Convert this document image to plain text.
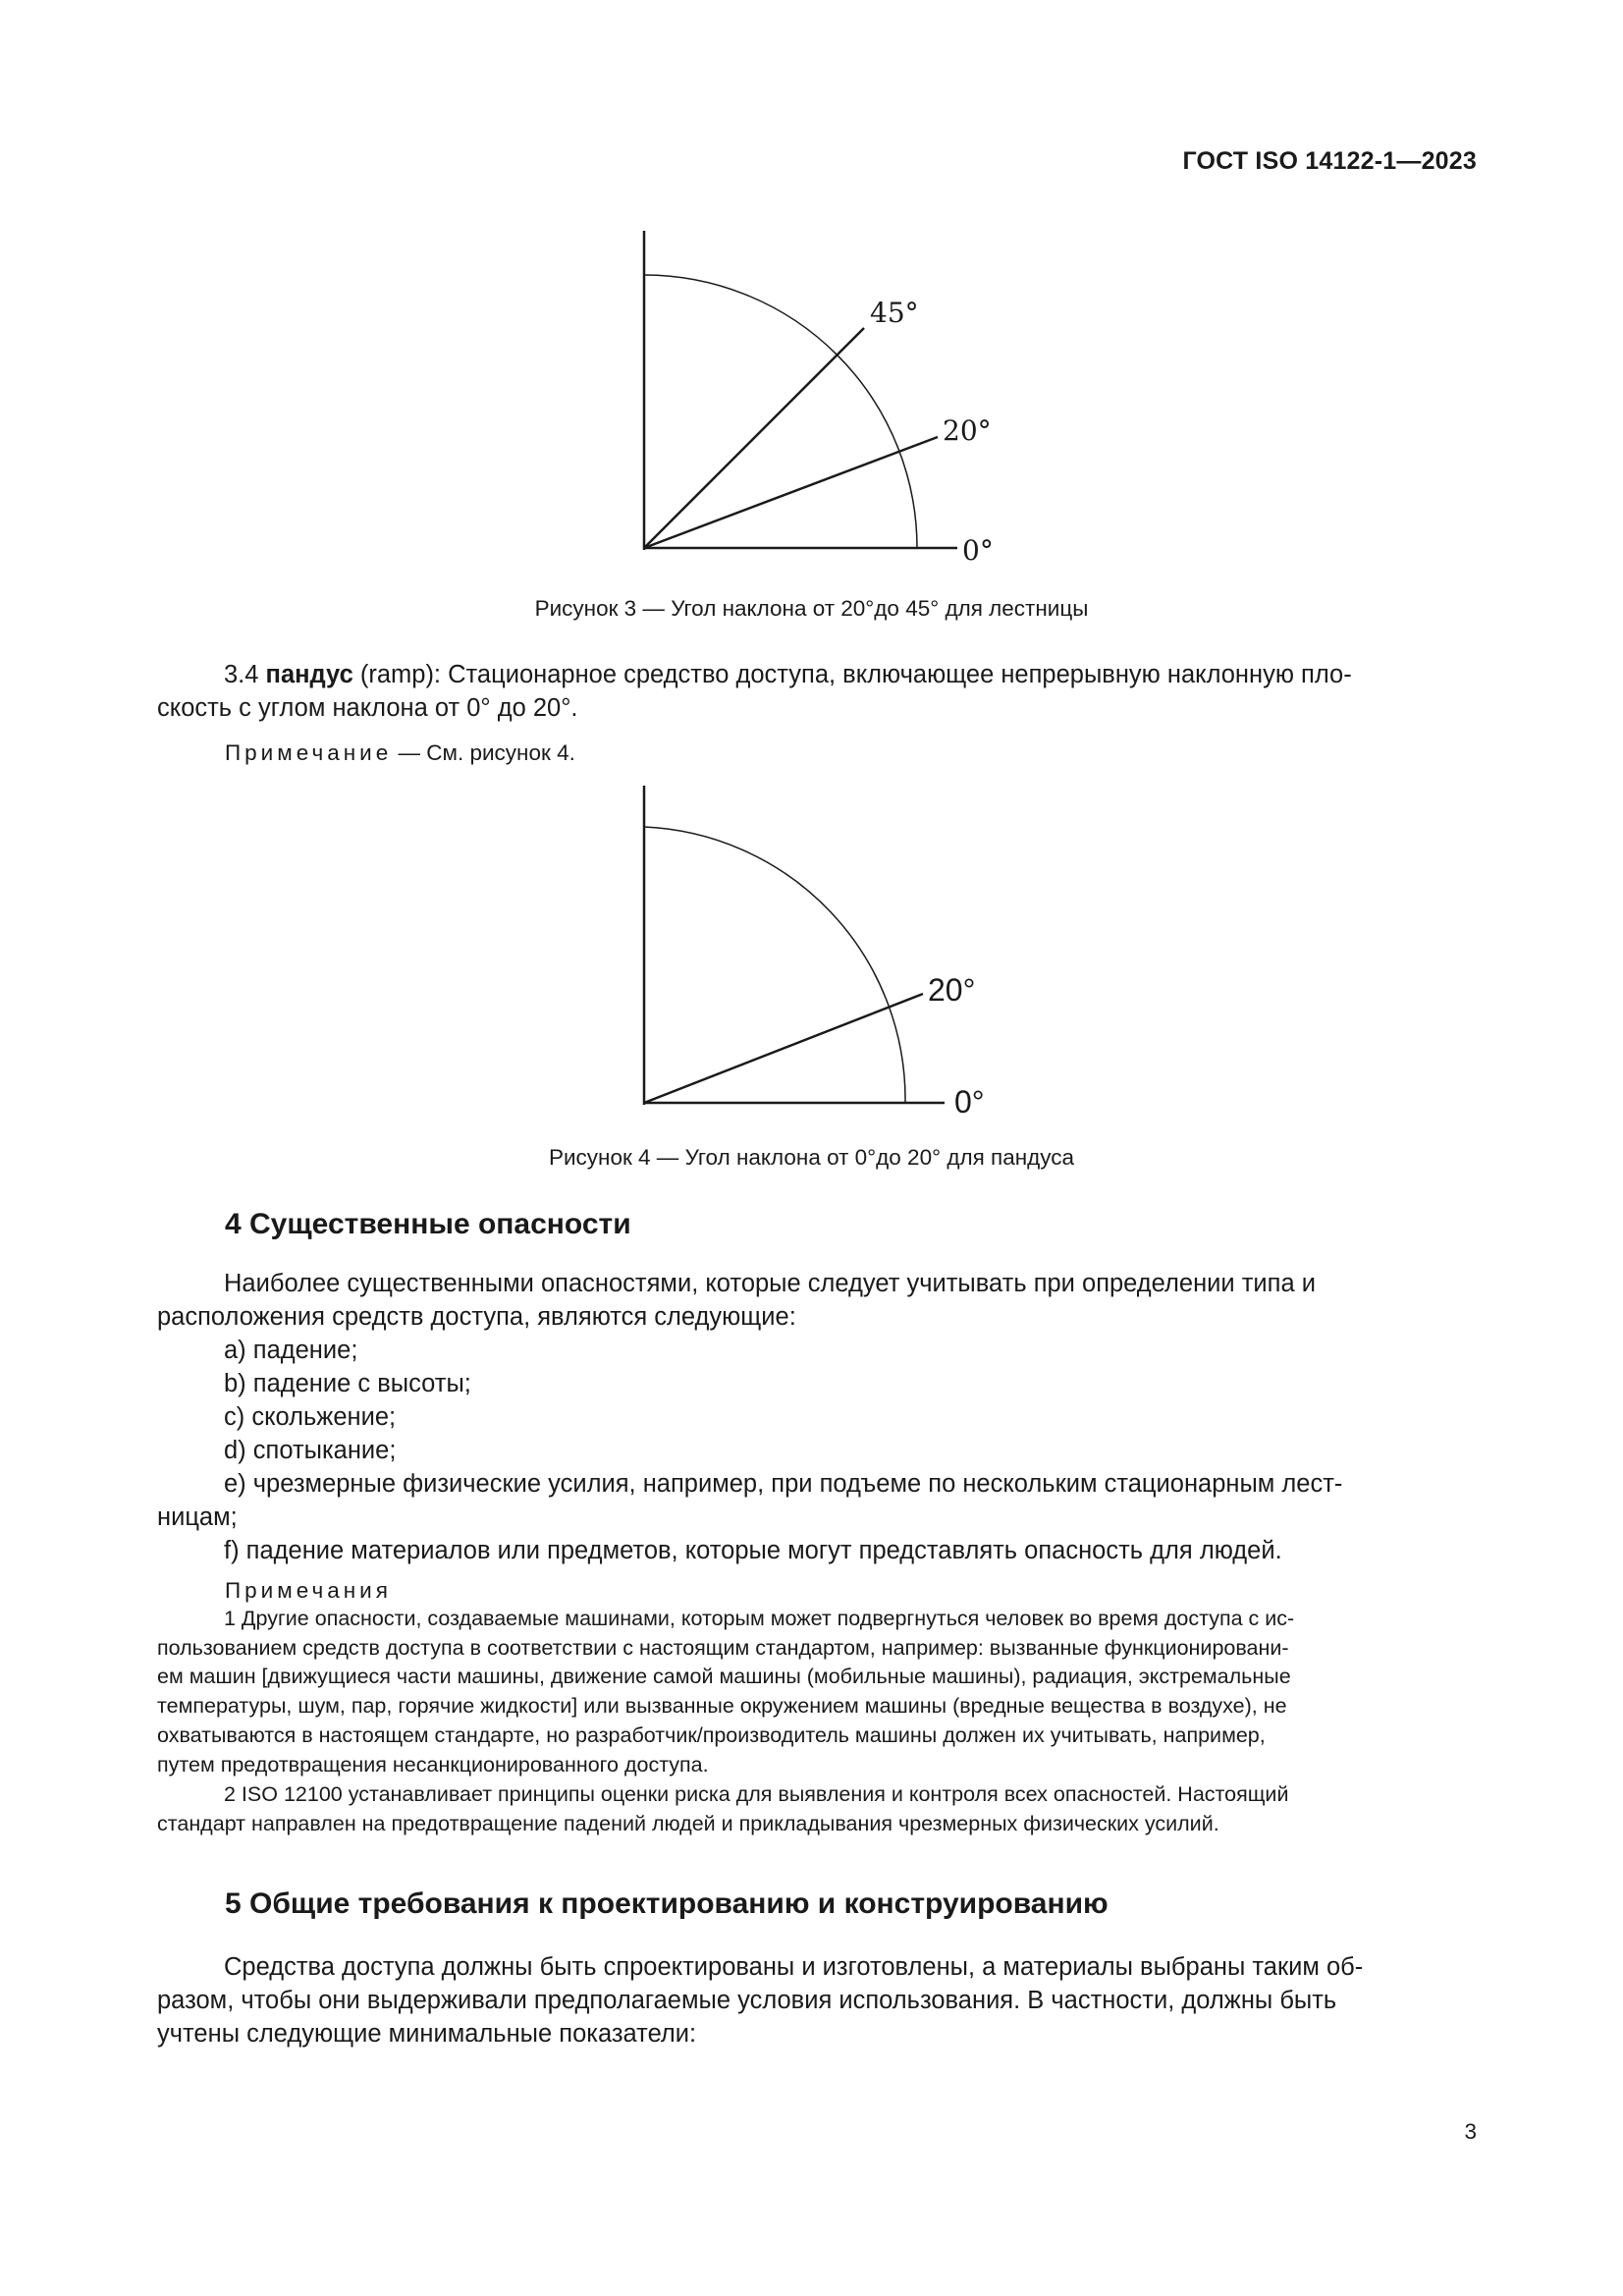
ГОСТ ISO 14122-1—2023
45°
20°
0°
Рисунок 3 — Угол наклона от 20°до 45° для лестницы
3.4 пандус (ramp): Стационарное средство доступа, включающее непрерывную наклонную пло-
скость с углом наклона от 0° до 20°.
Примечание — См. рисунок 4.
20°
0°
Рисунок 4 — Угол наклона от 0°до 20° для пандуса
4 Существенные опасности
Наиболее существенными опасностями, которые следует учитывать при определении типа и
расположения средств доступа, являются следующие:
a) падение;
b) падение с высоты;
c) скольжение;
d) спотыкание;
e) чрезмерные физические усилия, например, при подъеме по нескольким стационарным лест-
ницам;
f) падение материалов или предметов, которые могут представлять опасность для людей.
Примечания
1 Другие опасности, создаваемые машинами, которым может подвергнуться человек во время доступа с ис-
пользованием средств доступа в соответствии с настоящим стандартом, например: вызванные функционировани-
ем машин [движущиеся части машины, движение самой машины (мобильные машины), радиация, экстремальные
температуры, шум, пар, горячие жидкости] или вызванные окружением машины (вредные вещества в воздухе), не
охватываются в настоящем стандарте, но разработчик/производитель машины должен их учитывать, например,
путем предотвращения несанкционированного доступа.
2 ISO 12100 устанавливает принципы оценки риска для выявления и контроля всех опасностей. Настоящий
стандарт направлен на предотвращение падений людей и прикладывания чрезмерных физических усилий.
5 Общие требования к проектированию и конструированию
Средства доступа должны быть спроектированы и изготовлены, а материалы выбраны таким об-
разом, чтобы они выдерживали предполагаемые условия использования. В частности, должны быть
учтены следующие минимальные показатели:
3
